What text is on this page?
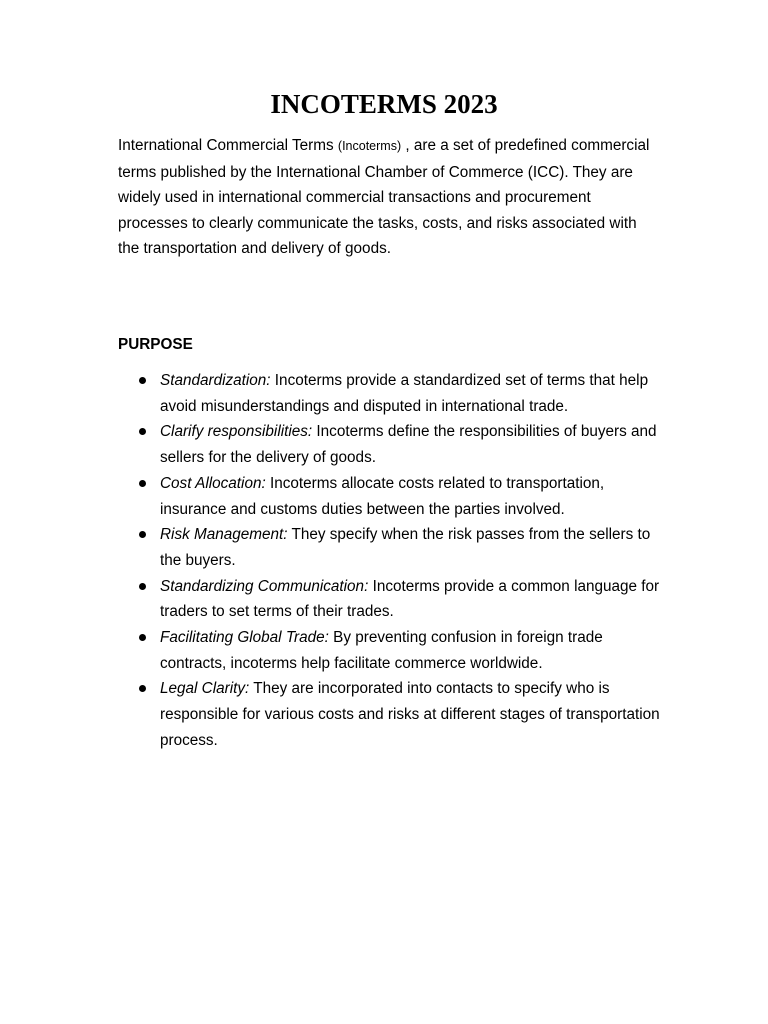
INCOTERMS 2023

International Commercial Terms (Incoterms) , are a set of predefined commercial terms published by the International Chamber of Commerce (ICC). They are widely used in international commercial transactions and procurement processes to clearly communicate the tasks, costs, and risks associated with the transportation and delivery of goods.

PURPOSE
Standardization: Incoterms provide a standardized set of terms that help avoid misunderstandings and disputed in international trade.
Clarify responsibilities: Incoterms define the responsibilities of buyers and sellers for the delivery of goods.
Cost Allocation: Incoterms allocate costs related to transportation, insurance and customs duties between the parties involved.
Risk Management: They specify when the risk passes from the sellers to the buyers.
Standardizing Communication: Incoterms provide a common language for traders to set terms of their trades.
Facilitating Global Trade: By preventing confusion in foreign trade contracts, incoterms help facilitate commerce worldwide.
Legal Clarity: They are incorporated into contacts to specify who is responsible for various costs and risks at different stages of transportation process.
